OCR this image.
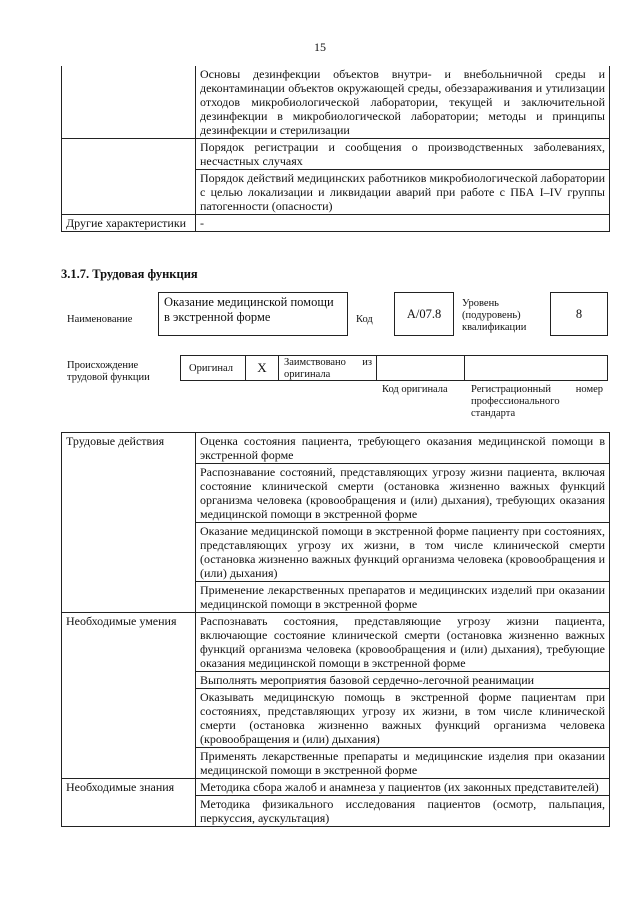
15
	Основы дезинфекции объектов внутри- и внебольничной среды и деконтаминации объектов окружающей среды, обеззараживания и утилизации отходов микробиологической лаборатории, текущей и заключительной дезинфекции в микробиологической лаборатории; методы и принципы дезинфекции и стерилизации
	Порядок регистрации и сообщения о производственных заболеваниях, несчастных случаях
	Порядок действий медицинских работников микробиологической лаборатории с целью локализации и ликвидации аварий при работе с ПБА I–IV группы патогенности (опасности)
Другие характеристики	-
3.1.7. Трудовая функция
Наименование
Оказание медицинской помощи в экстренной форме	Код	A/07.8
Уровень (подуровень) квалификации
8
Происхождение трудовой функции
Оригинал	X	Заимствовано из оригинала
Код оригинала Регистрационный номер профессионального стандарта
Трудовые действия	Оценка состояния пациента, требующего оказания медицинской помощи в экстренной форме
	Распознавание состояний, представляющих угрозу жизни пациента, включая состояние клинической смерти (остановка жизненно важных функций организма человека (кровообращения и (или) дыхания), требующих оказания медицинской помощи в экстренной форме
	Оказание медицинской помощи в экстренной форме пациенту при состояниях, представляющих угрозу их жизни, в том числе клинической смерти (остановка жизненно важных функций организма человека (кровообращения и (или) дыхания)
	Применение лекарственных препаратов и медицинских изделий при оказании медицинской помощи в экстренной форме
Необходимые умения	Распознавать состояния, представляющие угрозу жизни пациента, включающие состояние клинической смерти (остановка жизненно важных функций организма человека (кровообращения и (или) дыхания), требующие оказания медицинской помощи в экстренной форме
	Выполнять мероприятия базовой сердечно-легочной реанимации
	Оказывать медицинскую помощь в экстренной форме пациентам при состояниях, представляющих угрозу их жизни, в том числе клинической смерти (остановка жизненно важных функций организма человека (кровообращения и (или) дыхания)
	Применять лекарственные препараты и медицинские изделия при оказании медицинской помощи в экстренной форме
Необходимые знания	Методика сбора жалоб и анамнеза у пациентов (их законных представителей)
	Методика физикального исследования пациентов (осмотр, пальпация, перкуссия, аускультация)
